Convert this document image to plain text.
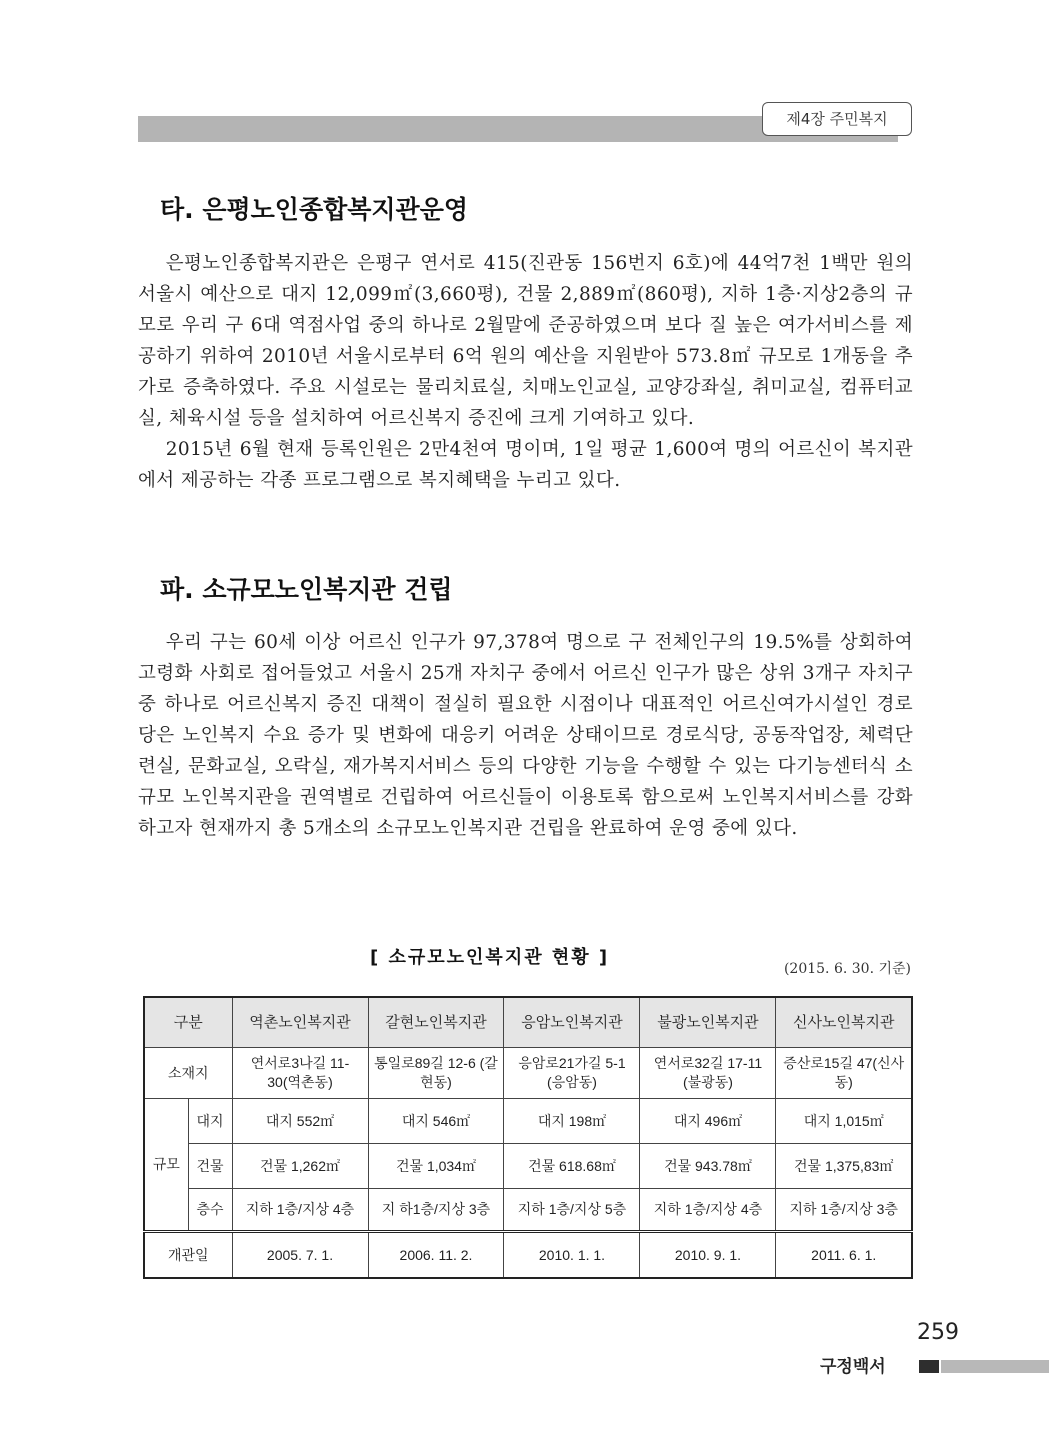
제4장 주민복지
타. 은평노인종합복지관운영

은평노인종합복지관은 은평구 연서로 415(진관동 156번지 6호)에 44억7천 1백만 원의 서울시 예산으로 대지 12,099㎡(3,660평), 건물 2,889㎡(860평), 지하 1층·지상2층의 규모로 우리 구 6대 역점사업 중의 하나로 2월말에 준공하였으며 보다 질 높은 여가서비스를 제공하기 위하여 2010년 서울시로부터 6억 원의 예산을 지원받아 573.8㎡ 규모로 1개동을 추가로 증축하였다. 주요 시설로는 물리치료실, 치매노인교실, 교양강좌실, 취미교실, 컴퓨터교실, 체육시설 등을 설치하여 어르신복지 증진에 크게 기여하고 있다.

2015년 6월 현재 등록인원은 2만4천여 명이며, 1일 평균 1,600여 명의 어르신이 복지관에서 제공하는 각종 프로그램으로 복지혜택을 누리고 있다.

파. 소규모노인복지관 건립

우리 구는 60세 이상 어르신 인구가 97,378여 명으로 구 전체인구의 19.5%를 상회하여 고령화 사회로 접어들었고 서울시 25개 자치구 중에서 어르신 인구가 많은 상위 3개구 자치구 중 하나로 어르신복지 증진 대책이 절실히 필요한 시점이나 대표적인 어르신여가시설인 경로당은 노인복지 수요 증가 및 변화에 대응키 어려운 상태이므로 경로식당, 공동작업장, 체력단련실, 문화교실, 오락실, 재가복지서비스 등의 다양한 기능을 수행할 수 있는 다기능센터식 소규모 노인복지관을 권역별로 건립하여 어르신들이 이용토록 함으로써 노인복지서비스를 강화하고자 현재까지 총 5개소의 소규모노인복지관 건립을 완료하여 운영 중에 있다.

[ 소규모노인복지관 현황 ]
(2015. 6. 30. 기준)
구분		역촌노인복지관	갈현노인복지관	응암노인복지관	불광노인복지관	신사노인복지관
소재지		연서로3나길 11-30(역촌동)	통일로89길 12-6 (갈현동)	응암로21가길 5-1 (응암동)	연서로32길 17-11 (불광동)	증산로15길 47(신사동)
규모	대지	대지 552㎡	대지 546㎡	대지 198㎡	대지 496㎡	대지 1,015㎡
	건물	건물 1,262㎡	건물 1,034㎡	건물 618.68㎡	건물 943.78㎡	건물 1,375,83㎡
	층수	지하 1층/지상 4층	지 하1층/지상 3층	지하 1층/지상 5층	지하 1층/지상 4층	지하 1층/지상 3층
개관일		2005. 7. 1.	2006. 11. 2.	2010. 1. 1.	2010. 9. 1.	2011. 6. 1.
259
구정백서
